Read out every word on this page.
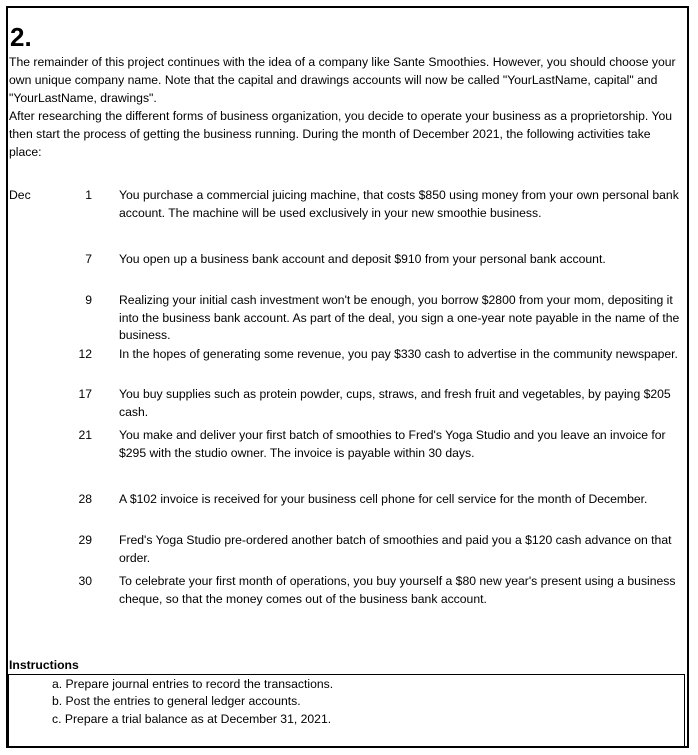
2.

The remainder of this project continues with the idea of a company like Sante Smoothies. However, you should choose your own unique company name. Note that the capital and drawings accounts will now be called "YourLastName, capital" and "YourLastName, drawings".

After researching the different forms of business organization, you decide to operate your business as a proprietorship. You then start the process of getting the business running. During the month of December 2021, the following activities take place:

Dec	1 You purchase a commercial juicing machine, that costs $850 using money from your own personal bank account. The machine will be used exclusively in your new smoothie business.
7 You open up a business bank account and deposit $910 from your personal bank account.
9 Realizing your initial cash investment won't be enough, you borrow $2800 from your mom, depositing it into the business bank account. As part of the deal, you sign a one-year note payable in the name of the business.
12 In the hopes of generating some revenue, you pay $330 cash to advertise in the community newspaper.
17 You buy supplies such as protein powder, cups, straws, and fresh fruit and vegetables, by paying $205 cash.
21 You make and deliver your first batch of smoothies to Fred's Yoga Studio and you leave an invoice for $295 with the studio owner. The invoice is payable within 30 days.
28 A $102 invoice is received for your business cell phone for cell service for the month of December.
29 Fred's Yoga Studio pre-ordered another batch of smoothies and paid you a $120 cash advance on that order.
30 To celebrate your first month of operations, you buy yourself a $80 new year's present using a business cheque, so that the money comes out of the business bank account.
Instructions
a. Prepare journal entries to record the transactions.
b. Post the entries to general ledger accounts.
c. Prepare a trial balance as at December 31, 2021.
